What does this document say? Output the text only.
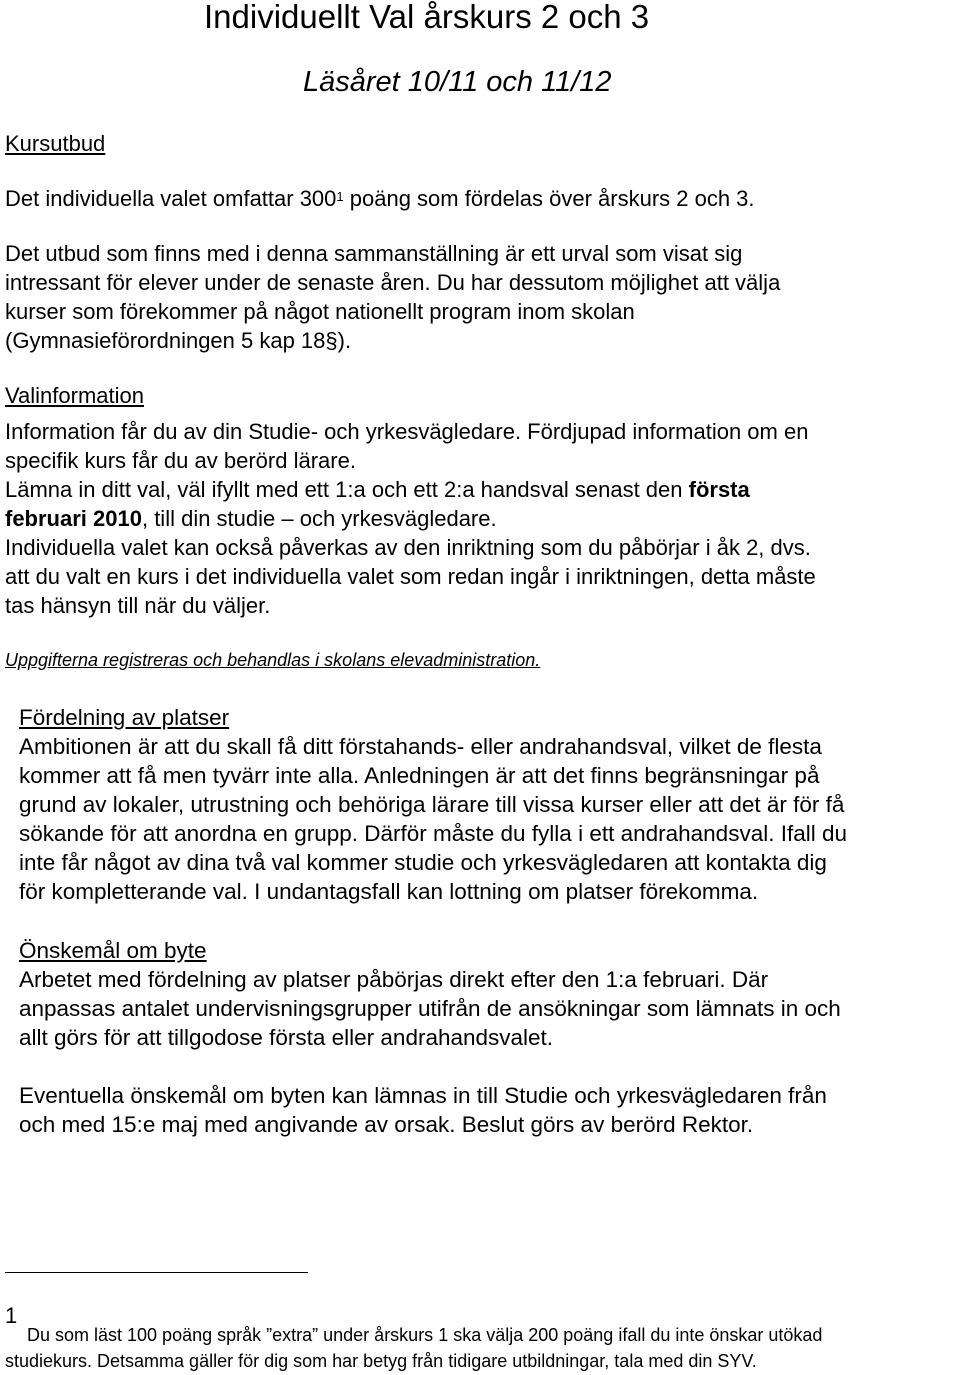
Individuellt Val årskurs 2 och 3
Läsåret 10/11 och 11/12
Kursutbud
Det individuella valet omfattar $300^1$ poäng som fördelas över årskurs 2 och 3.
Det utbud som finns med i denna sammanställning är ett urval som visat sig
intressant för elever under de senaste åren. Du har dessutom möjlighet att välja
kurser som förekommer på något nationellt program inom skolan
(Gymnasieförordningen 5 kap 18§).
Valinformation
Information får du av din Studie- och yrkesvägledare. Fördjupad information om en
specifik kurs får du av berörd lärare.
Lämna in ditt val, väl ifyllt med ett 1:a och ett 2:a handsval senast den första
februari 2010, till din studie – och yrkesvägledare.
Individuella valet kan också påverkas av den inriktning som du påbörjar i åk 2, dvs.
att du valt en kurs i det individuella valet som redan ingår i inriktningen, detta måste
tas hänsyn till när du väljer.
Uppgifterna registreras och behandlas i skolans elevadministration.
Fördelning av platser
Ambitionen är att du skall få ditt förstahands- eller andrahandsval, vilket de flesta
kommer att få men tyvärr inte alla. Anledningen är att det finns begränsningar på
grund av lokaler, utrustning och behöriga lärare till vissa kurser eller att det är för få
sökande för att anordna en grupp. Därför måste du fylla i ett andrahandsval. Ifall du
inte får något av dina två val kommer studie och yrkesvägledaren att kontakta dig
för kompletterande val. I undantagsfall kan lottning om platser förekomma.
Önskemål om byte
Arbetet med fördelning av platser påbörjas direkt efter den 1:a februari. Där
anpassas antalet undervisningsgrupper utifrån de ansökningar som lämnats in och
allt görs för att tillgodose första eller andrahandsvalet.
Eventuella önskemål om byten kan lämnas in till Studie och yrkesvägledaren från
och med 15:e maj med angivande av orsak. Beslut görs av berörd Rektor.
1
Du som läst 100 poäng språk ”extra” under årskurs 1 ska välja 200 poäng ifall du inte önskar utökad
studiekurs. Detsamma gäller för dig som har betyg från tidigare utbildningar, tala med din SYV.
